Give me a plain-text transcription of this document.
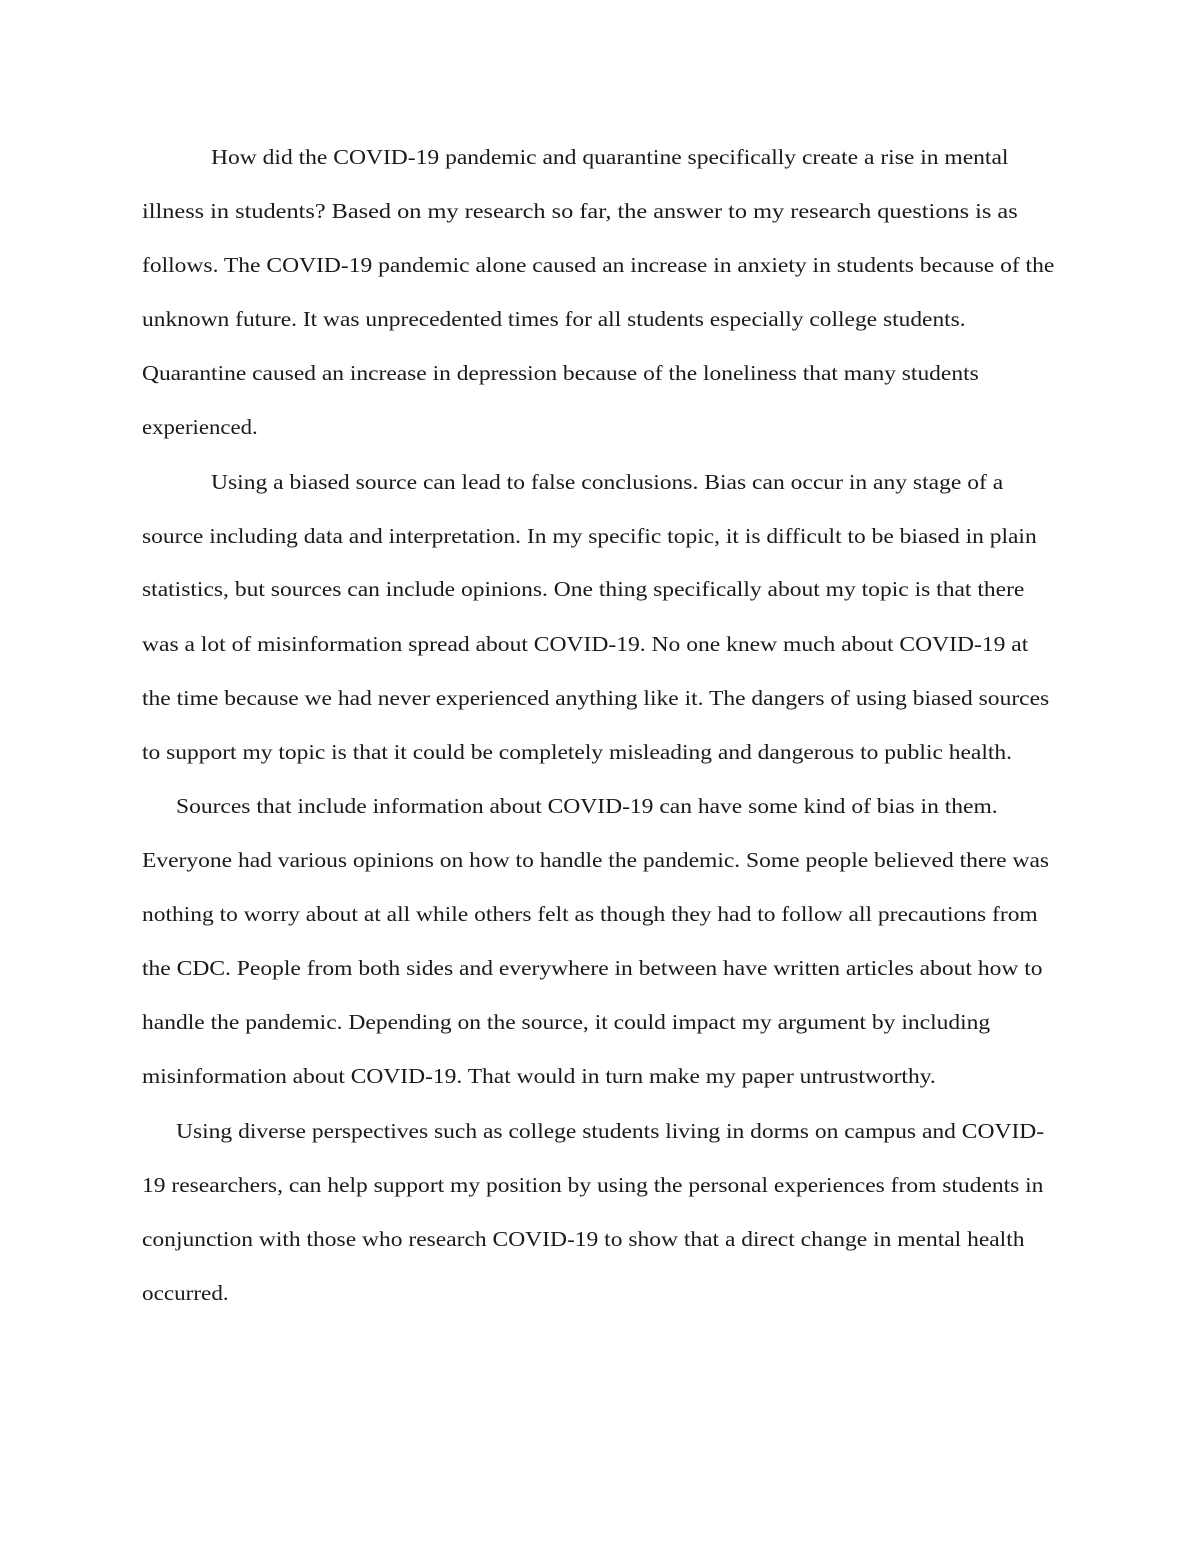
How did the COVID-19 pandemic and quarantine specifically create a rise in mental
illness in students? Based on my research so far, the answer to my research questions is as
follows. The COVID-19 pandemic alone caused an increase in anxiety in students because of the
unknown future. It was unprecedented times for all students especially college students.
Quarantine caused an increase in depression because of the loneliness that many students
experienced.
Using a biased source can lead to false conclusions. Bias can occur in any stage of a
source including data and interpretation. In my specific topic, it is difficult to be biased in plain
statistics, but sources can include opinions. One thing specifically about my topic is that there
was a lot of misinformation spread about COVID-19. No one knew much about COVID-19 at
the time because we had never experienced anything like it. The dangers of using biased sources
to support my topic is that it could be completely misleading and dangerous to public health.
Sources that include information about COVID-19 can have some kind of bias in them.
Everyone had various opinions on how to handle the pandemic. Some people believed there was
nothing to worry about at all while others felt as though they had to follow all precautions from
the CDC. People from both sides and everywhere in between have written articles about how to
handle the pandemic. Depending on the source, it could impact my argument by including
misinformation about COVID-19. That would in turn make my paper untrustworthy.
Using diverse perspectives such as college students living in dorms on campus and COVID-
19 researchers, can help support my position by using the personal experiences from students in
conjunction with those who research COVID-19 to show that a direct change in mental health
occurred.
